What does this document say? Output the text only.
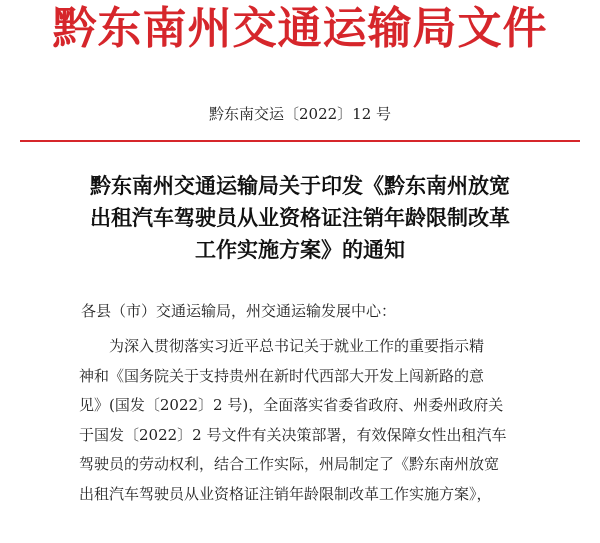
黔东南州交通运输局文件
黔东南交运〔2022〕12 号
黔东南州交通运输局关于印发《黔东南州放宽
出租汽车驾驶员从业资格证注销年龄限制改革
工作实施方案》的通知
各县（市）交通运输局，州交通运输发展中心：
为深入贯彻落实习近平总书记关于就业工作的重要指示精
神和《国务院关于支持贵州在新时代西部大开发上闯新路的意
见》(国发〔2022〕2 号)，全面落实省委省政府、州委州政府关
于国发〔2022〕2 号文件有关决策部署，有效保障女性出租汽车
驾驶员的劳动权利，结合工作实际，州局制定了《黔东南州放宽
出租汽车驾驶员从业资格证注销年龄限制改革工作实施方案》，
